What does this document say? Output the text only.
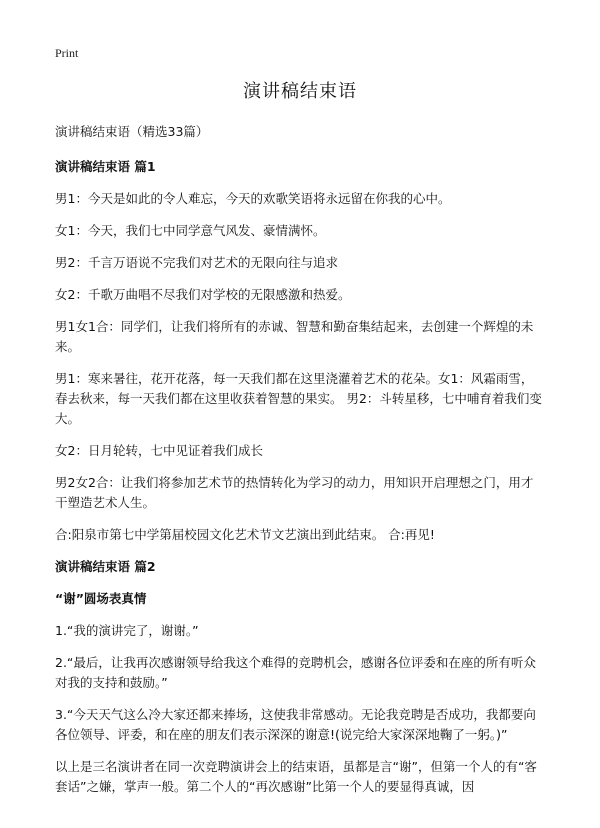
Print
演讲稿结束语
演讲稿结束语（精选33篇）
演讲稿结束语 篇1
男1：今天是如此的令人难忘，今天的欢歌笑语将永远留在你我的心中。
女1：今天，我们七中同学意气风发、豪情满怀。
男2：千言万语说不完我们对艺术的无限向往与追求
女2：千歌万曲唱不尽我们对学校的无限感激和热爱。
男1女1合：同学们，让我们将所有的赤诚、智慧和勤奋集结起来，去创建一个辉煌的未来。
男1：寒来暑往，花开花落，每一天我们都在这里浇灌着艺术的花朵。女1：风霜雨雪，春去秋来，每一天我们都在这里收获着智慧的果实。 男2：斗转星移，七中哺育着我们变大。
女2：日月轮转，七中见证着我们成长
男2女2合：让我们将参加艺术节的热情转化为学习的动力，用知识开启理想之门，用才干塑造艺术人生。
合:阳泉市第七中学第届校园文化艺术节文艺演出到此结束。 合:再见!
演讲稿结束语 篇2
“谢”圆场表真情
1.“我的演讲完了，谢谢。”
2.“最后，让我再次感谢领导给我这个难得的竞聘机会，感谢各位评委和在座的所有听众对我的支持和鼓励。”
3.“今天天气这么冷大家还都来捧场，这使我非常感动。无论我竞聘是否成功，我都要向各位领导、评委，和在座的朋友们表示深深的谢意!(说完给大家深深地鞠了一躬。)”
以上是三名演讲者在同一次竞聘演讲会上的结束语，虽都是言“谢”，但第一个人的有“客套话”之嫌，掌声一般。第二个人的“再次感谢”比第一个人的要显得真诚，因
